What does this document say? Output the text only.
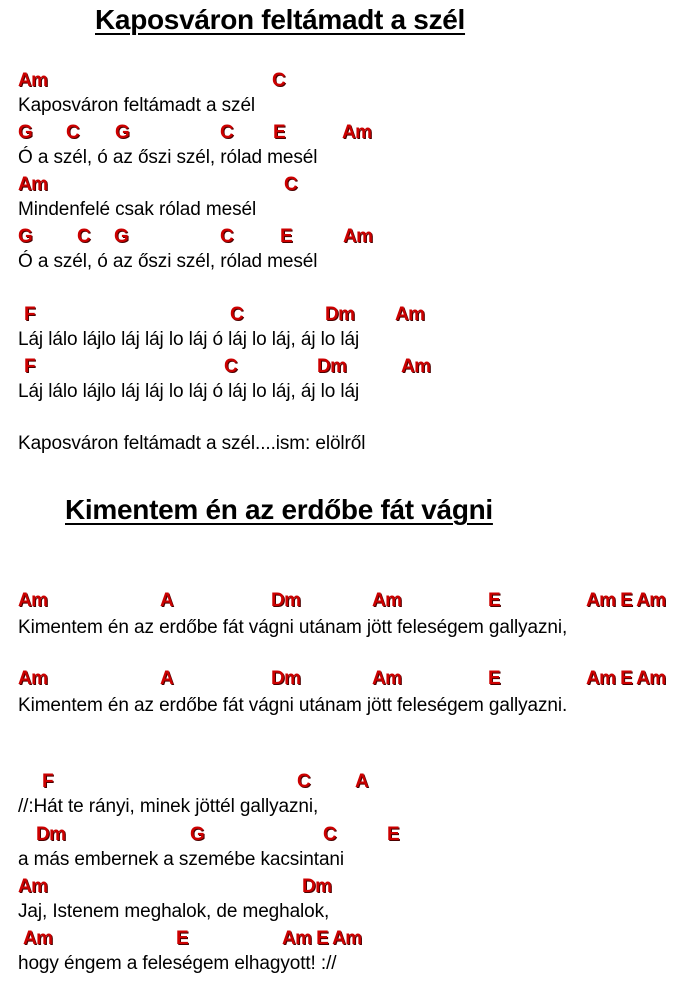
Kaposváron feltámadt a szél
Am	C
Kaposváron feltámadt a szél
G C G	C E	Am
Ó a szél, ó az őszi szél, rólad mesél
Am	C
Mindenfelé csak rólad mesél
G C G	C E	Am
Ó a szél, ó az őszi szél, rólad mesél
F	C	Dm Am
Láj lálo lájlo láj láj lo láj ó láj lo láj, áj lo láj
F	C	Dm	Am
Láj lálo lájlo láj láj lo láj ó láj lo láj, áj lo láj
Kaposváron feltámadt a szél....ism: elölről
Kimentem én az erdőbe fát vágni
Am	A	Dm	Am	E	Am E Am
Kimentem én az erdőbe fát vágni utánam jött feleségem gallyazni,
Am	A	Dm	Am	E	Am E Am
Kimentem én az erdőbe fát vágni utánam jött feleségem gallyazni.
F	C A
//:Hát te rányi, minek jöttél gallyazni,
Dm	G	C	E
a más embernek a szemébe kacsintani
Am	Dm
Jaj, Istenem meghalok, de meghalok,
Am	E	Am E Am
hogy éngem a feleségem elhagyott! ://
